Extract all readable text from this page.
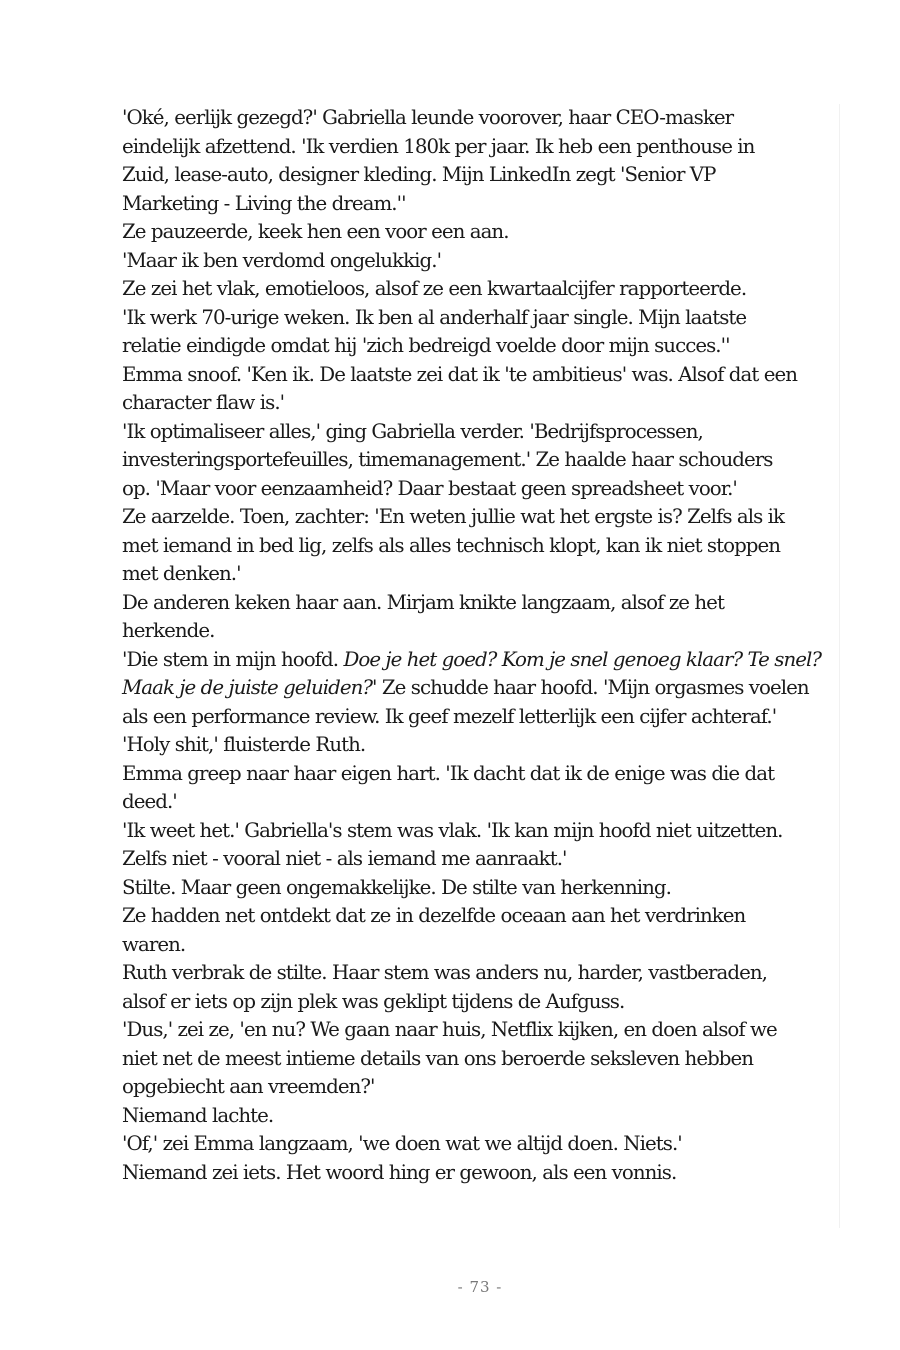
'Oké, eerlijk gezegd?' Gabriella leunde voorover, haar CEO-masker
eindelijk afzettend. 'Ik verdien 180k per jaar. Ik heb een penthouse in
Zuid, lease-auto, designer kleding. Mijn LinkedIn zegt 'Senior VP
Marketing - Living the dream.''
Ze pauzeerde, keek hen een voor een aan.
'Maar ik ben verdomd ongelukkig.'
Ze zei het vlak, emotieloos, alsof ze een kwartaalcijfer rapporteerde.
'Ik werk 70-urige weken. Ik ben al anderhalf jaar single. Mijn laatste
relatie eindigde omdat hij 'zich bedreigd voelde door mijn succes.''
Emma snoof. 'Ken ik. De laatste zei dat ik 'te ambitieus' was. Alsof dat een
character flaw is.'
'Ik optimaliseer alles,' ging Gabriella verder. 'Bedrijfsprocessen,
investeringsportefeuilles, timemanagement.' Ze haalde haar schouders
op. 'Maar voor eenzaamheid? Daar bestaat geen spreadsheet voor.'
Ze aarzelde. Toen, zachter: 'En weten jullie wat het ergste is? Zelfs als ik
met iemand in bed lig, zelfs als alles technisch klopt, kan ik niet stoppen
met denken.'
De anderen keken haar aan. Mirjam knikte langzaam, alsof ze het
herkende.
'Die stem in mijn hoofd. Doe je het goed? Kom je snel genoeg klaar? Te snel?
Maak je de juiste geluiden?' Ze schudde haar hoofd. 'Mijn orgasmes voelen
als een performance review. Ik geef mezelf letterlijk een cijfer achteraf.'
'Holy shit,' fluisterde Ruth.
Emma greep naar haar eigen hart. 'Ik dacht dat ik de enige was die dat
deed.'
'Ik weet het.' Gabriella's stem was vlak. 'Ik kan mijn hoofd niet uitzetten.
Zelfs niet - vooral niet - als iemand me aanraakt.'
Stilte. Maar geen ongemakkelijke. De stilte van herkenning.
Ze hadden net ontdekt dat ze in dezelfde oceaan aan het verdrinken
waren.
Ruth verbrak de stilte. Haar stem was anders nu, harder, vastberaden,
alsof er iets op zijn plek was geklipt tijdens de Aufguss.
'Dus,' zei ze, 'en nu? We gaan naar huis, Netflix kijken, en doen alsof we
niet net de meest intieme details van ons beroerde seksleven hebben
opgebiecht aan vreemden?'
Niemand lachte.
'Of,' zei Emma langzaam, 'we doen wat we altijd doen. Niets.'
Niemand zei iets. Het woord hing er gewoon, als een vonnis.
- 73 -
